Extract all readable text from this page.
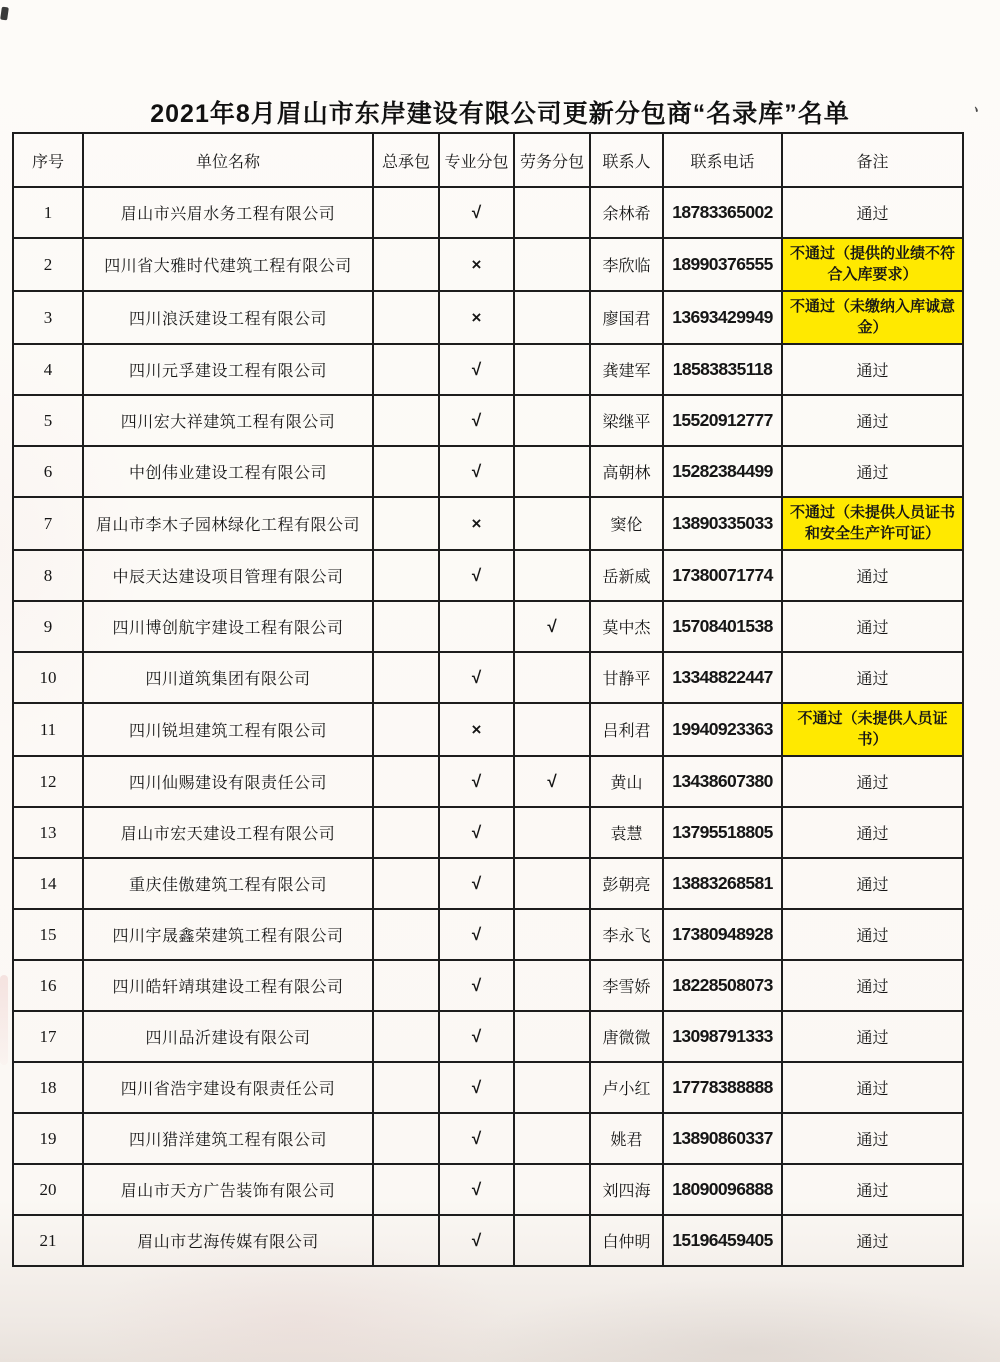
、
2021年8月眉山市东岸建设有限公司更新分包商“名录库”名单
序号	单位名称	总承包	专业分包	劳务分包	联系人	联系电话	备注
1	眉山市兴眉水务工程有限公司		√		余林希	18783365002	通过
2	四川省大雅时代建筑工程有限公司		×		李欣临	18990376555	不通过（提供的业绩不符合入库要求）
3	四川浪沃建设工程有限公司		×		廖国君	13693429949	不通过（未缴纳入库诚意金）
4	四川元孚建设工程有限公司		√		龚建军	18583835118	通过
5	四川宏大祥建筑工程有限公司		√		梁继平	15520912777	通过
6	中创伟业建设工程有限公司		√		高朝林	15282384499	通过
7	眉山市李木子园林绿化工程有限公司		×		窦伦	13890335033	不通过（未提供人员证书和安全生产许可证）
8	中辰天达建设项目管理有限公司		√		岳新威	17380071774	通过
9	四川博创航宇建设工程有限公司			√	莫中杰	15708401538	通过
10	四川道筑集团有限公司		√		甘静平	13348822447	通过
11	四川锐坦建筑工程有限公司		×		吕利君	19940923363	不通过（未提供人员证书）
12	四川仙赐建设有限责任公司		√	√	黄山	13438607380	通过
13	眉山市宏天建设工程有限公司		√		袁慧	13795518805	通过
14	重庆佳傲建筑工程有限公司		√		彭朝亮	13883268581	通过
15	四川宇晟鑫荣建筑工程有限公司		√		李永飞	17380948928	通过
16	四川皓轩靖琪建设工程有限公司		√		李雪娇	18228508073	通过
17	四川品沂建设有限公司		√		唐微微	13098791333	通过
18	四川省浩宇建设有限责任公司		√		卢小红	17778388888	通过
19	四川猎洋建筑工程有限公司		√		姚君	13890860337	通过
20	眉山市天方广告装饰有限公司		√		刘四海	18090096888	通过
21	眉山市艺海传媒有限公司		√		白仲明	15196459405	通过
